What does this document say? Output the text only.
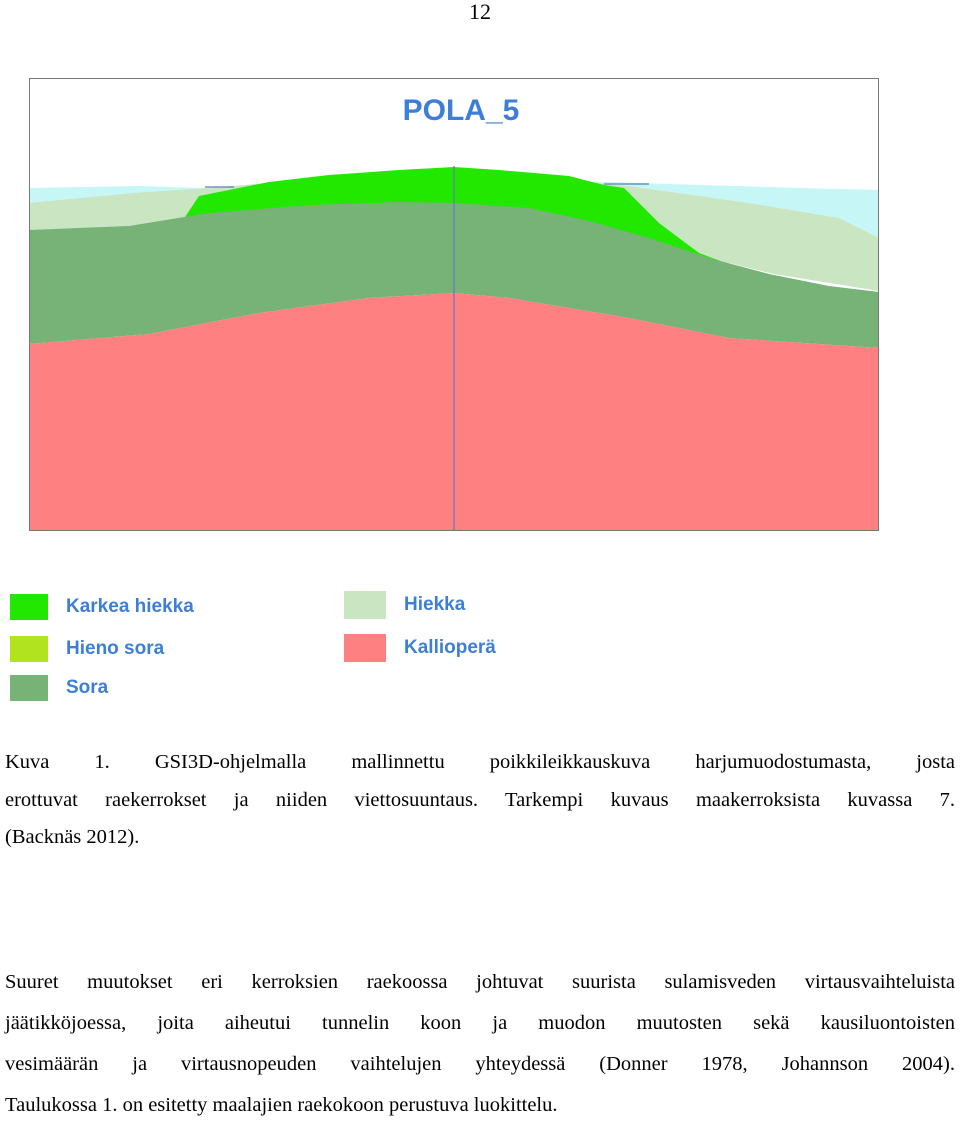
12
POLA_5
Karkea hiekka
Hieno sora
Sora
Hiekka
Kallioperä
Kuva 1. GSI3D-ohjelmalla mallinnettu poikkileikkauskuva harjumuodostumasta, josta
erottuvat raekerrokset ja niiden viettosuuntaus. Tarkempi kuvaus maakerroksista kuvassa 7.
(Backnäs 2012).
Suuret muutokset eri kerroksien raekoossa johtuvat suurista sulamisveden virtausvaihteluista
jäätikköjoessa, joita aiheutui tunnelin koon ja muodon muutosten sekä kausiluontoisten
vesimäärän ja virtausnopeuden vaihtelujen yhteydessä (Donner 1978, Johannson 2004).
Taulukossa 1. on esitetty maalajien raekokoon perustuva luokittelu.
